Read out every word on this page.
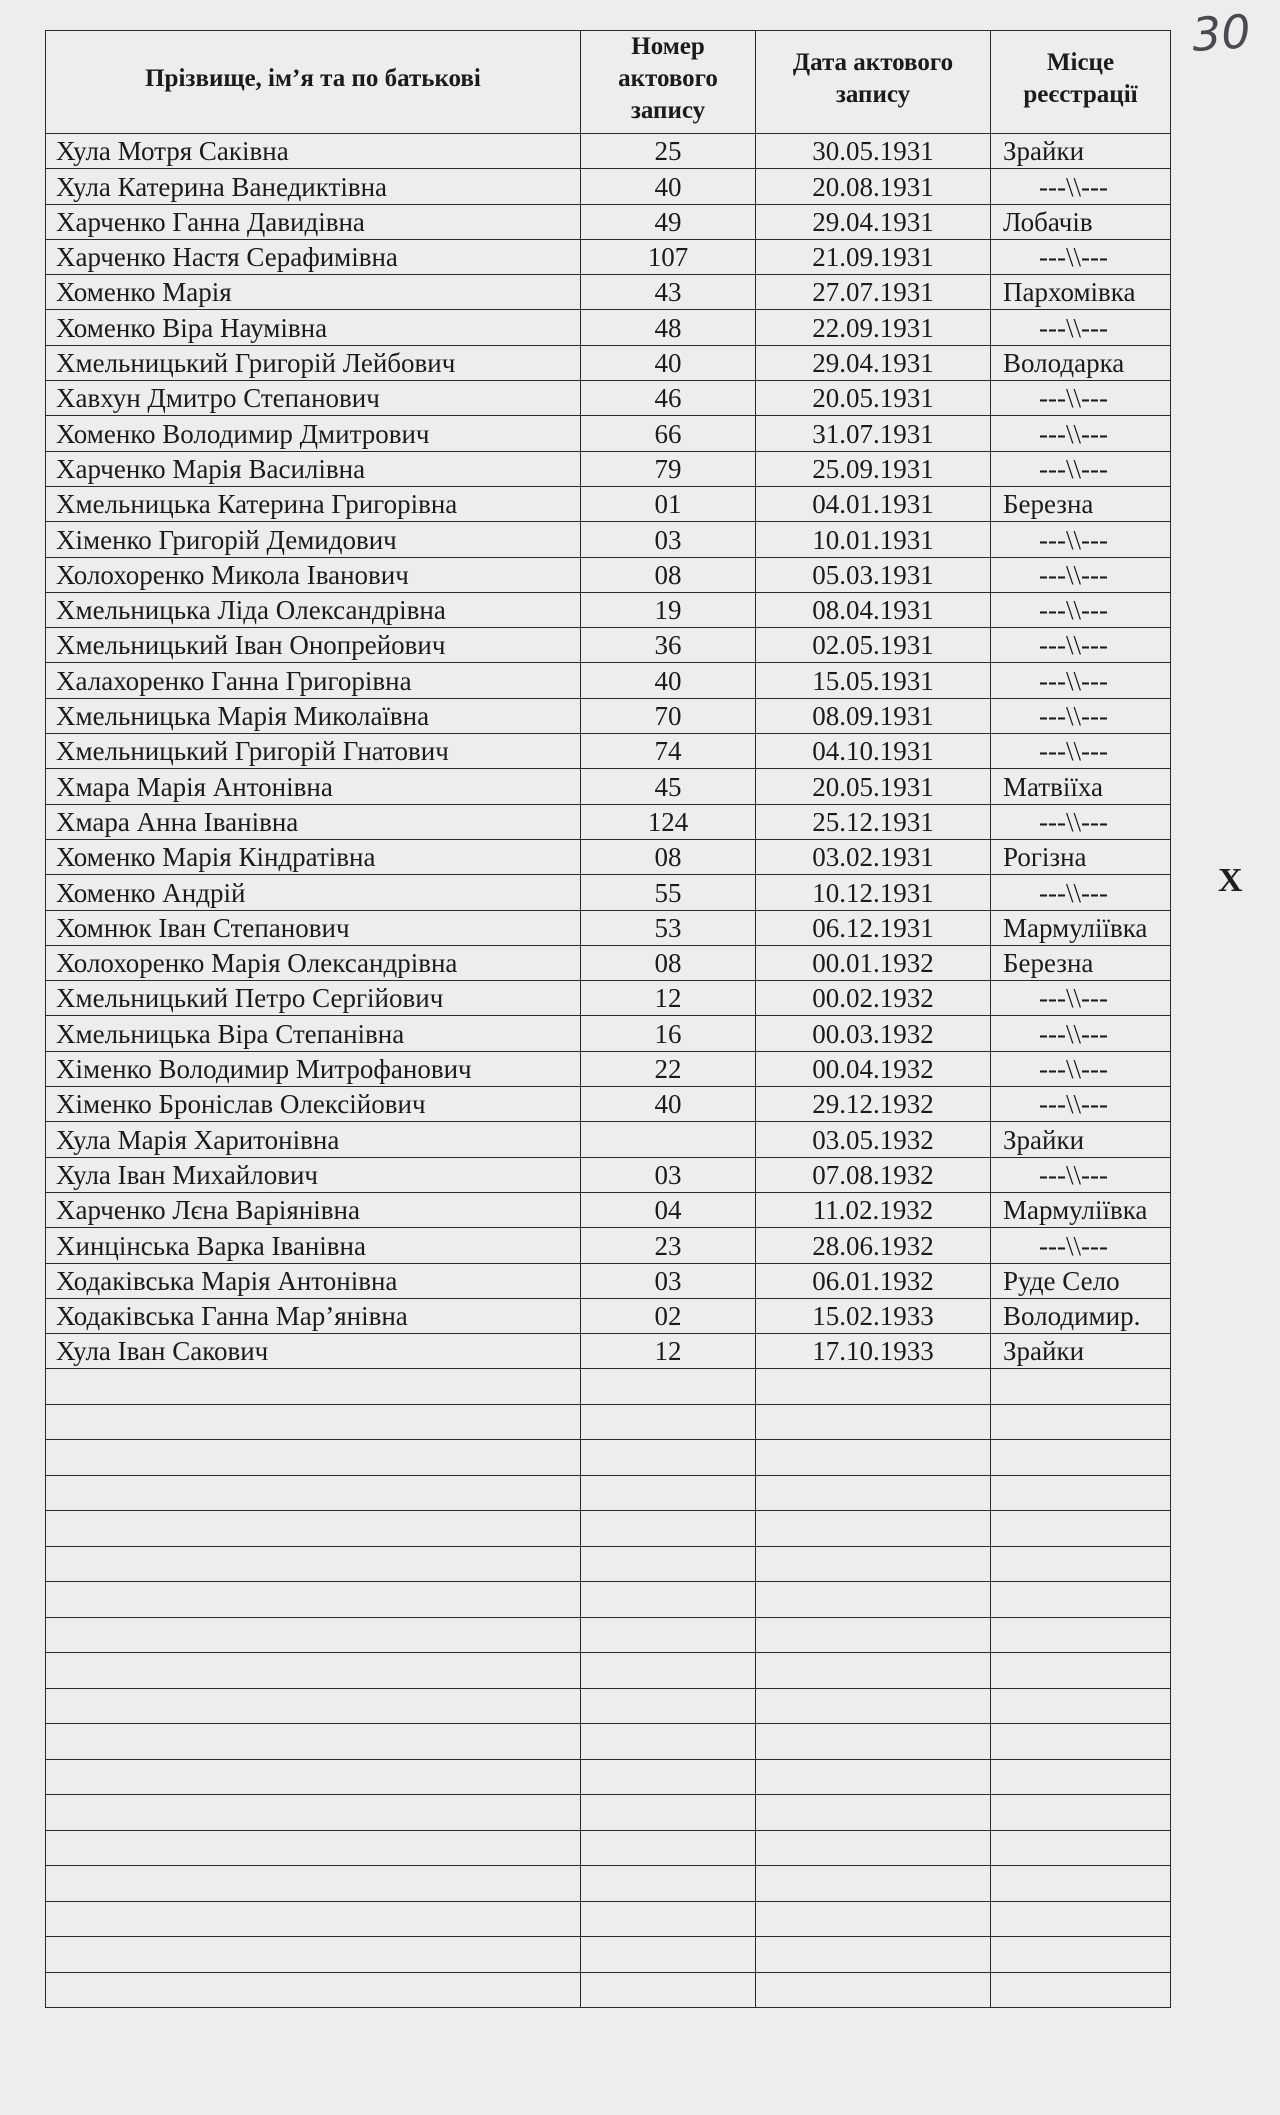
30
X
Прізвище, ім’я та по батькові	Номер актового запису	Дата актового запису	Місце реєстрації
Хула Мотря Саківна	25	30.05.1931	Зрайки
Хула Катерина Ванедиктівна	40	20.08.1931	---\\---
Харченко Ганна Давидівна	49	29.04.1931	Лобачів
Харченко Настя Серафимівна	107	21.09.1931	---\\---
Хоменко Марія	43	27.07.1931	Пархомівка
Хоменко Віра Наумівна	48	22.09.1931	---\\---
Хмельницький Григорій Лейбович	40	29.04.1931	Володарка
Хавхун Дмитро Степанович	46	20.05.1931	---\\---
Хоменко Володимир Дмитрович	66	31.07.1931	---\\---
Харченко Марія Василівна	79	25.09.1931	---\\---
Хмельницька Катерина Григорівна	01	04.01.1931	Березна
Хіменко Григорій Демидович	03	10.01.1931	---\\---
Холохоренко Микола Іванович	08	05.03.1931	---\\---
Хмельницька Ліда Олександрівна	19	08.04.1931	---\\---
Хмельницький Іван Онопрейович	36	02.05.1931	---\\---
Халахоренко Ганна Григорівна	40	15.05.1931	---\\---
Хмельницька Марія Миколаївна	70	08.09.1931	---\\---
Хмельницький Григорій Гнатович	74	04.10.1931	---\\---
Хмара Марія Антонівна	45	20.05.1931	Матвіїха
Хмара Анна Іванівна	124	25.12.1931	---\\---
Хоменко Марія Кіндратівна	08	03.02.1931	Рогізна
Хоменко Андрій	55	10.12.1931	---\\---
Хомнюк Іван Степанович	53	06.12.1931	Мармуліївка
Холохоренко Марія Олександрівна	08	00.01.1932	Березна
Хмельницький Петро Сергійович	12	00.02.1932	---\\---
Хмельницька Віра Степанівна	16	00.03.1932	---\\---
Хіменко Володимир Митрофанович	22	00.04.1932	---\\---
Хіменко Броніслав Олексійович	40	29.12.1932	---\\---
Хула Марія Харитонівна		03.05.1932	Зрайки
Хула Іван Михайлович	03	07.08.1932	---\\---
Харченко Лєна Варіянівна	04	11.02.1932	Мармуліївка
Хинцінська Варка Іванівна	23	28.06.1932	---\\---
Ходаківська Марія Антонівна	03	06.01.1932	Руде Село
Ходаківська Ганна Мар’янівна	02	15.02.1933	Володимир.
Хула Іван Сакович	12	17.10.1933	Зрайки
